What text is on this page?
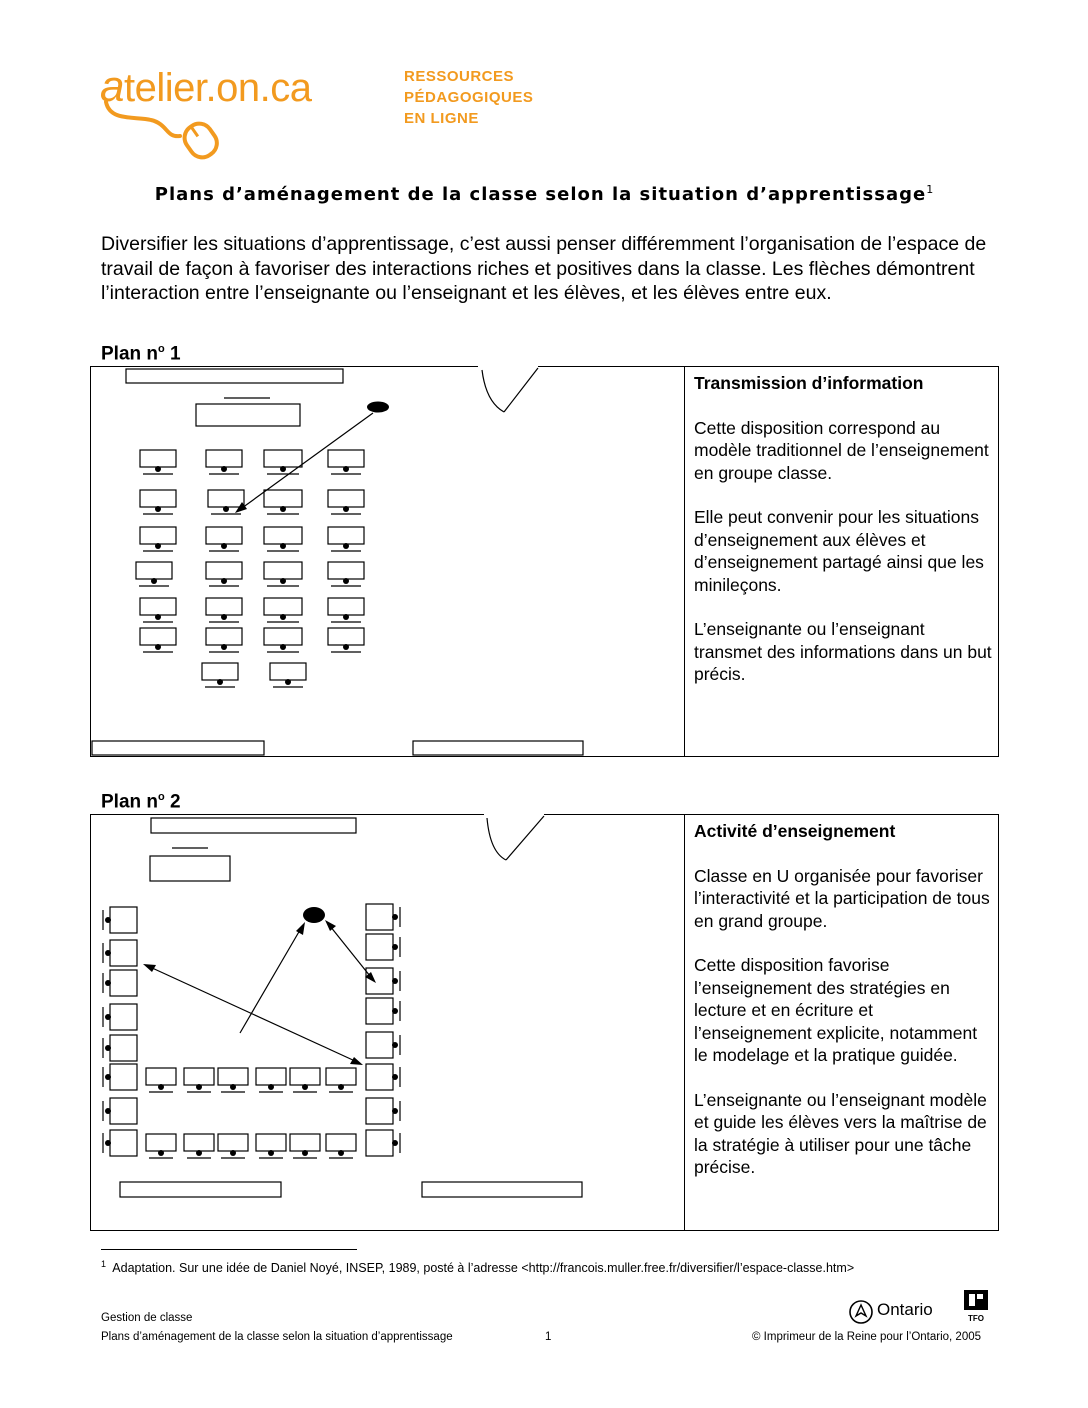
atelier.on.ca	RESSOURCES
PÉDAGOGIQUES
EN LIGNE
Plans d’aménagement de la classe selon la situation d’apprentissage$^1$
Diversifier les situations d’apprentissage, c’est aussi penser différemment l’organisation de l’espace de travail de façon à favoriser des interactions riches et positives dans la classe. Les flèches démontrent l’interaction entre l’enseignante ou l’enseignant et les élèves, et les élèves entre eux.
Plan $n^o$ 1

Transmission d’information

Cette disposition correspond au modèle traditionnel de l’enseignement en groupe classe.

Elle peut convenir pour les situations d’enseignement aux élèves et d’enseignement partagé ainsi que les minileçons.

L’enseignante ou l’enseignant transmet des informations dans un but précis.

Plan $n^o$ 2

Activité d’enseignement

Classe en U organisée pour favoriser l’interactivité et la participation de tous en grand groupe.

Cette disposition favorise l’enseignement des stratégies en lecture et en écriture et l’enseignement explicite, notamment le modelage et la pratique guidée.

L’enseignante ou l’enseignant modèle et guide les élèves vers la maîtrise de la stratégie à utiliser pour une tâche précise.

$^1$ Adaptation. Sur une idée de Daniel Noyé, INSEP, 1989, posté à l’adresse <http://francois.muller.free.fr/diversifier/l’espace-classe.htm>
Gestion de classe
Plans d’aménagement de la classe selon la situation d’apprentissage	1	© Imprimeur de la Reine pour l’Ontario, 2005
Ontario	TFO
